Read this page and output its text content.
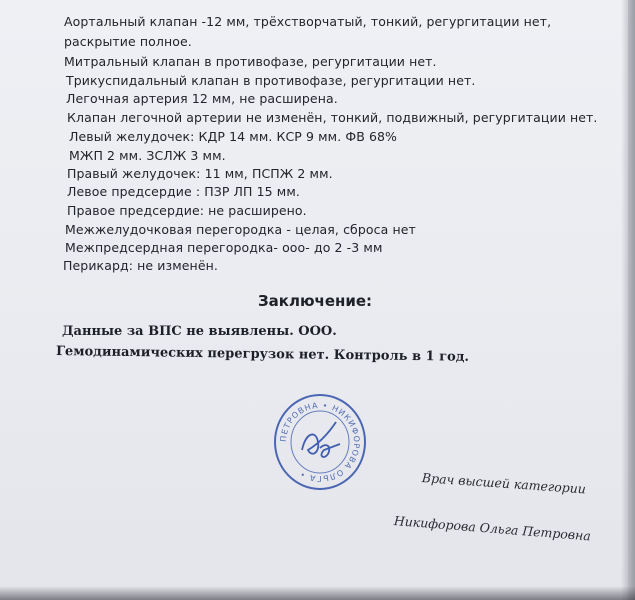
Аортальный клапан -12 мм, трёхстворчатый, тонкий, регургитации нет,
раскрытие полное.
Митральный клапан в противофазе, регургитации нет.
Трикуспидальный клапан в противофазе, регургитации нет.
Легочная артерия 12 мм, не расширена.
Клапан легочной артерии не изменён, тонкий, подвижный, регургитации нет.
Левый желудочек: КДР 14 мм. КСР 9 мм. ФВ 68%
МЖП 2 мм. ЗСЛЖ 3 мм.
Правый желудочек: 11 мм, ПСПЖ 2 мм.
Левое предсердие : ПЗР ЛП 15 мм.
Правое предсердие: не расширено.
Межжелудочковая перегородка - целая, сброса нет
Межпредсердная перегородка- ооо- до 2 -3 мм
Перикард: не изменён.
Заключение:
Данные за ВПС не выявлены. ООО.
Гемодинамических перегрузок нет. Контроль в 1 год.
ПЕТРОВНА • НИКИФОРОВА ОЛЬГА •	Врач высшей категории
Никифорова Ольга Петровна
